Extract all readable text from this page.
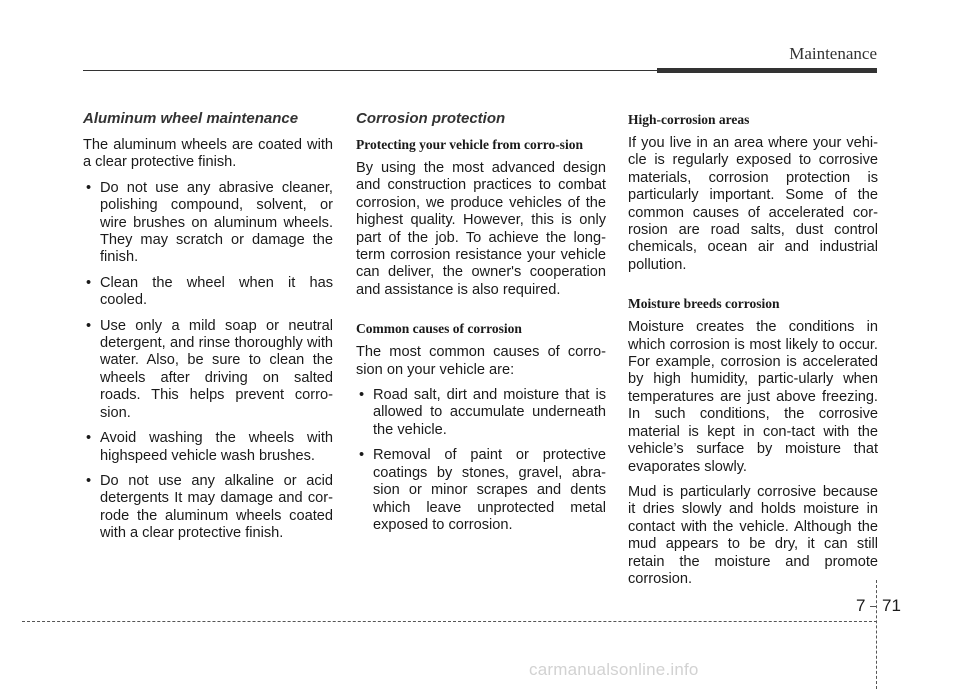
Maintenance
Aluminum wheel maintenance

The aluminum wheels are coated with a clear protective finish.

• Do not use any abrasive cleaner, polishing compound, solvent, or wire brushes on aluminum wheels. They may scratch or damage the finish.
• Clean the wheel when it has cooled.
• Use only a mild soap or neutral detergent, and rinse thoroughly with water. Also, be sure to clean the wheels after driving on salted roads. This helps prevent corro-sion.
• Avoid washing the wheels with highspeed vehicle wash brushes.
• Do not use any alkaline or acid detergents It may damage and cor-rode the aluminum wheels coated with a clear protective finish.
Corrosion protection
Protecting your vehicle from corro-sion

By using the most advanced design and construction practices to combat corrosion, we produce vehicles of the highest quality. However, this is only part of the job. To achieve the long-term corrosion resistance your vehicle can deliver, the owner's cooperation and assistance is also required.

Common causes of corrosion

The most common causes of corro-sion on your vehicle are:

• Road salt, dirt and moisture that is allowed to accumulate underneath the vehicle.
• Removal of paint or protective coatings by stones, gravel, abra-sion or minor scrapes and dents which leave unprotected metal exposed to corrosion.
High-corrosion areas

If you live in an area where your vehi-cle is regularly exposed to corrosive materials, corrosion protection is particularly important. Some of the common causes of accelerated cor-rosion are road salts, dust control chemicals, ocean air and industrial pollution.

Moisture breeds corrosion

Moisture creates the conditions in which corrosion is most likely to occur. For example, corrosion is accelerated by high humidity, partic-ularly when temperatures are just above freezing. In such conditions, the corrosive material is kept in con-tact with the vehicle’s surface by moisture that evaporates slowly.

Mud is particularly corrosive because it dries slowly and holds moisture in contact with the vehicle. Although the mud appears to be dry, it can still retain the moisture and promote corrosion.

7 71
carmanualsonline.info
